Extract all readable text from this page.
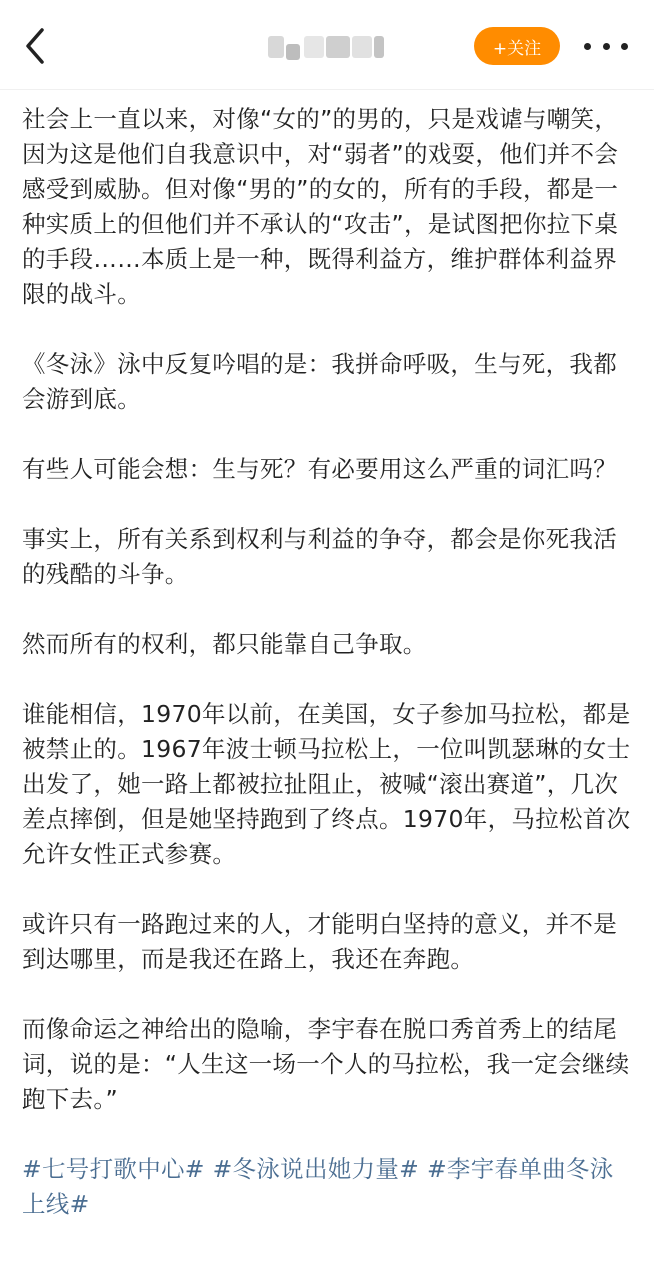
+关注

社会上一直以来，对像“女的”的男的，只是戏谑与嘲笑，因为这是他们自我意识中，对“弱者”的戏耍，他们并不会感受到威胁。但对像“男的”的女的，所有的手段，都是一种实质上的但他们并不承认的“攻击”，是试图把你拉下桌的手段……本质上是一种，既得利益方，维护群体利益界限的战斗。

《冬泳》泳中反复吟唱的是：我拼命呼吸，生与死，我都会游到底。

有些人可能会想：生与死？有必要用这么严重的词汇吗？

事实上，所有关系到权利与利益的争夺，都会是你死我活的残酷的斗争。

然而所有的权利，都只能靠自己争取。

谁能相信，1970年以前，在美国，女子参加马拉松，都是被禁止的。1967年波士顿马拉松上，一位叫凯瑟琳的女士出发了，她一路上都被拉扯阻止，被喊“滚出赛道”，几次差点摔倒，但是她坚持跑到了终点。1970年，马拉松首次允许女性正式参赛。

或许只有一路跑过来的人，才能明白坚持的意义，并不是到达哪里，而是我还在路上，我还在奔跑。

而像命运之神给出的隐喻，李宇春在脱口秀首秀上的结尾词，说的是：“人生这一场一个人的马拉松，我一定会继续跑下去。”

#七号打歌中心# #冬泳说出她力量# #李宇春单曲冬泳上线#
